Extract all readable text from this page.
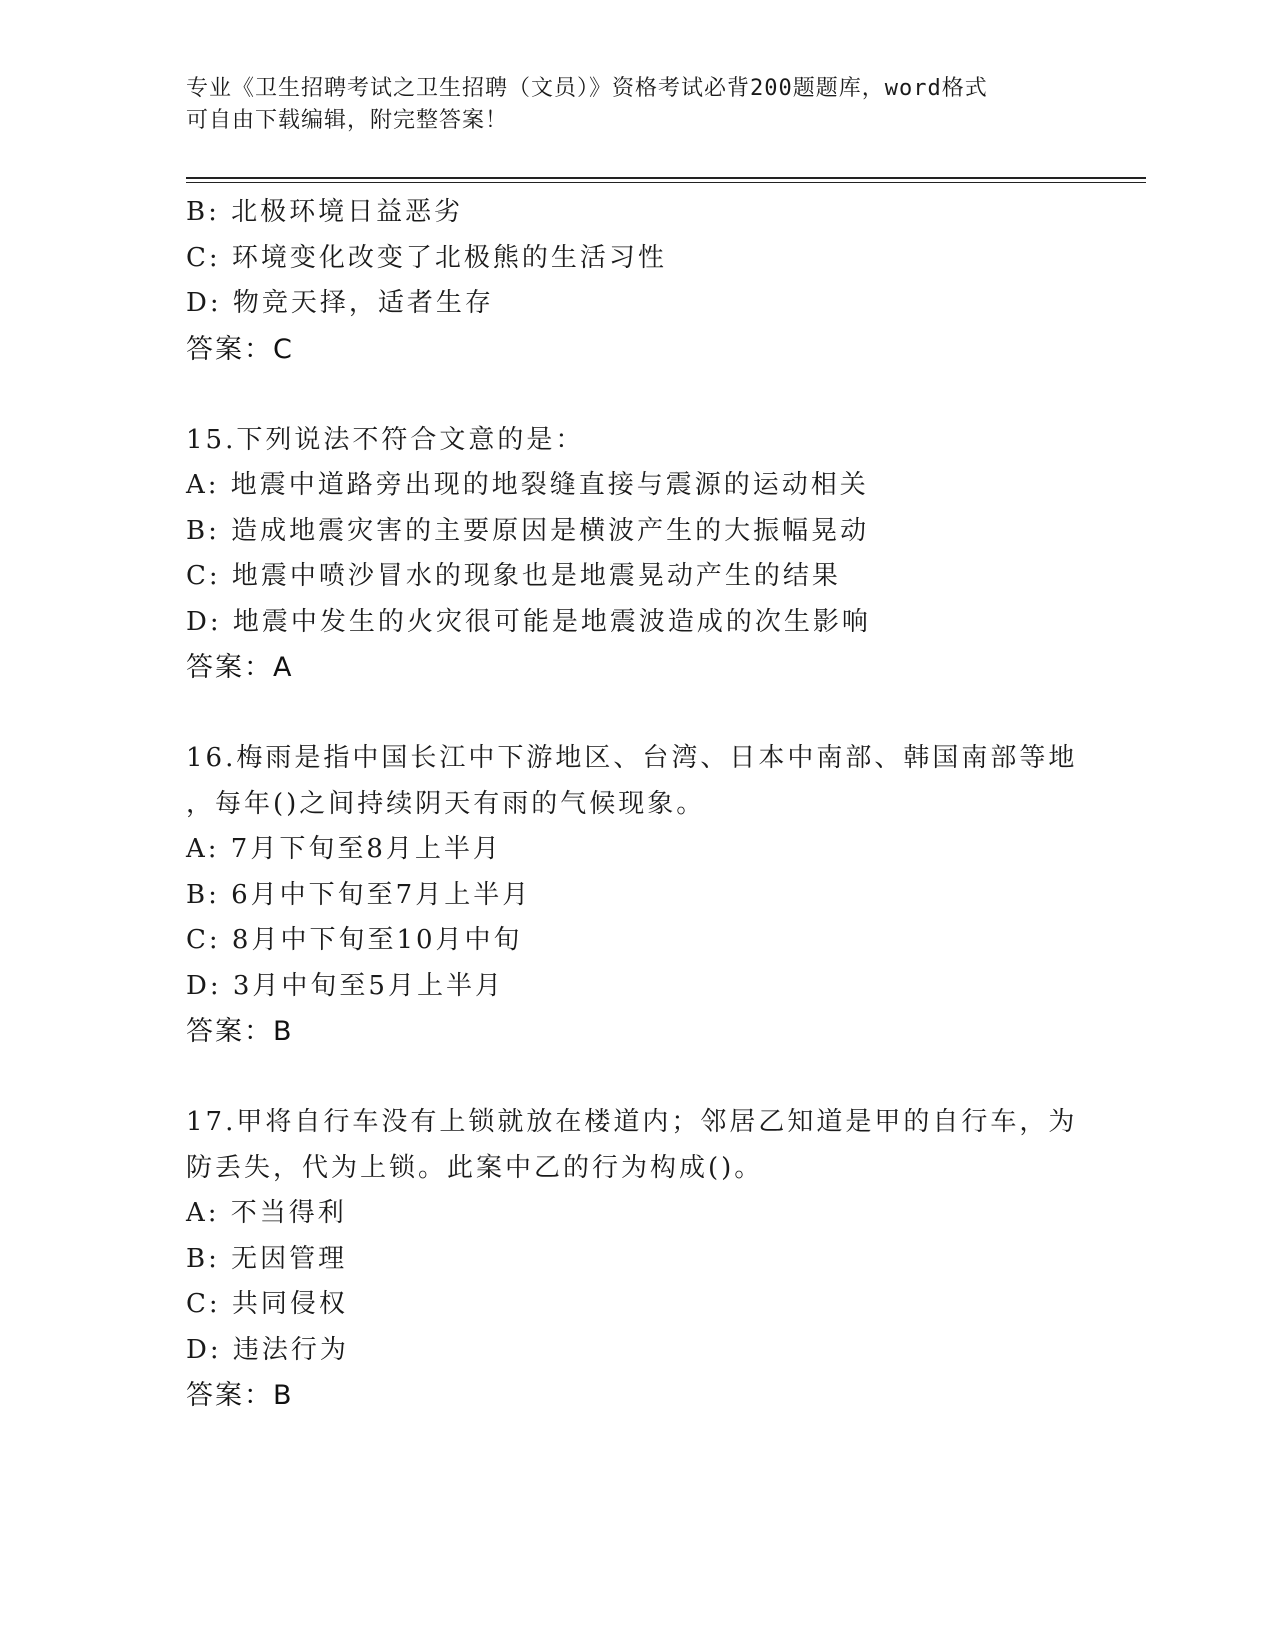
专业《卫生招聘考试之卫生招聘（文员）》资格考试必背200题题库，word格式
可自由下载编辑，附完整答案！
B: 北极环境日益恶劣
C: 环境变化改变了北极熊的生活习性
D: 物竞天择，适者生存
答案：C
15.下列说法不符合文意的是：
A: 地震中道路旁出现的地裂缝直接与震源的运动相关
B: 造成地震灾害的主要原因是横波产生的大振幅晃动
C: 地震中喷沙冒水的现象也是地震晃动产生的结果
D: 地震中发生的火灾很可能是地震波造成的次生影响
答案：A
16.梅雨是指中国长江中下游地区、台湾、日本中南部、韩国南部等地
，每年()之间持续阴天有雨的气候现象。
A: 7月下旬至8月上半月
B: 6月中下旬至7月上半月
C: 8月中下旬至10月中旬
D: 3月中旬至5月上半月
答案：B
17.甲将自行车没有上锁就放在楼道内；邻居乙知道是甲的自行车，为
防丢失，代为上锁。此案中乙的行为构成()。
A: 不当得利
B: 无因管理
C: 共同侵权
D: 违法行为
答案：B
